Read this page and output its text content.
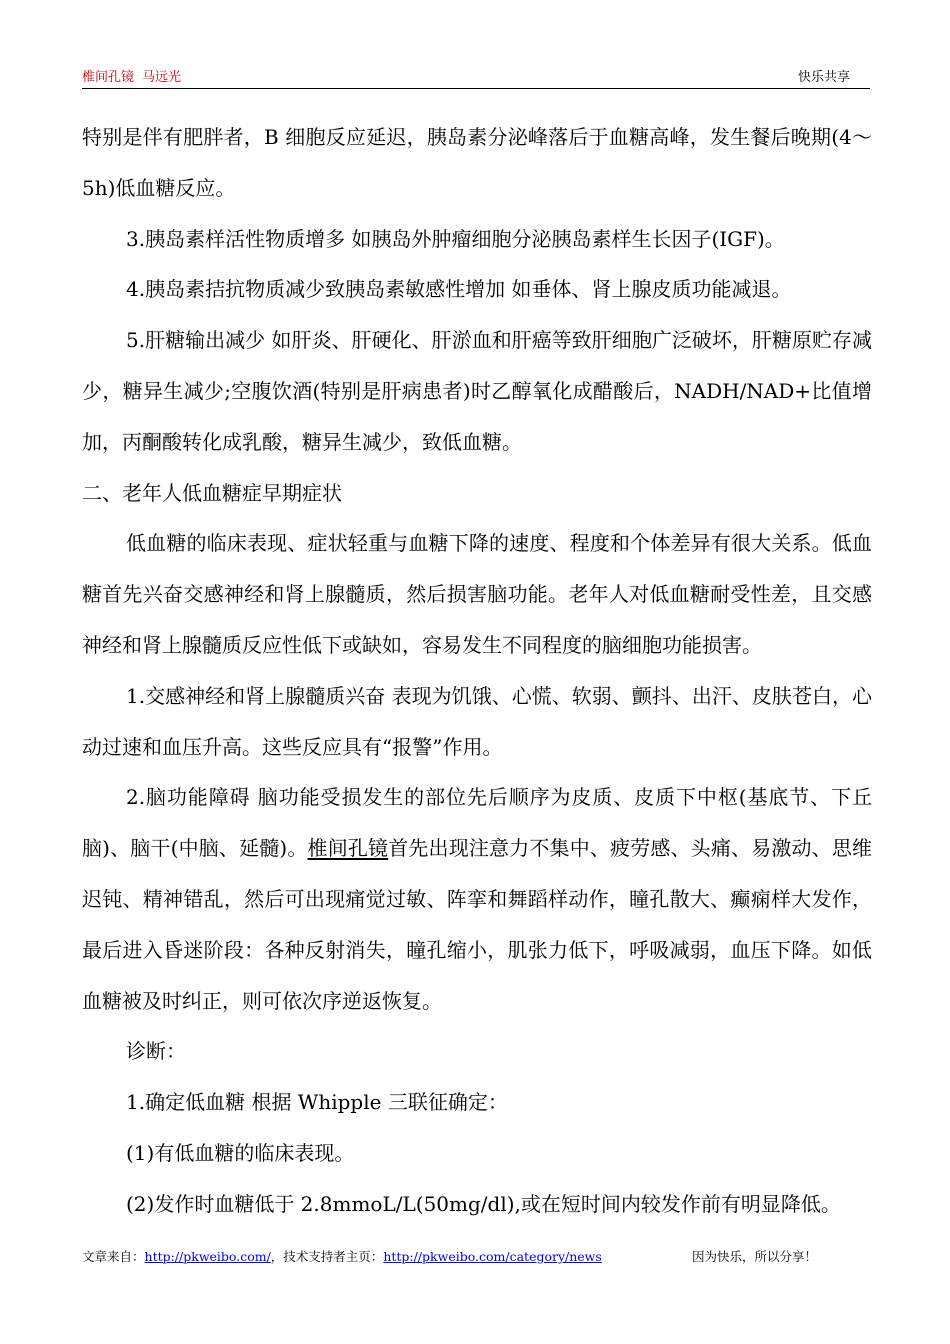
椎间孔镜 马远光	快乐共享

特别是伴有肥胖者，B 细胞反应延迟，胰岛素分泌峰落后于血糖高峰，发生餐后晚期(4～5h)低血糖反应。

3.胰岛素样活性物质增多 如胰岛外肿瘤细胞分泌胰岛素样生长因子(IGF)。

4.胰岛素拮抗物质减少致胰岛素敏感性增加 如垂体、肾上腺皮质功能减退。

5.肝糖输出减少 如肝炎、肝硬化、肝淤血和肝癌等致肝细胞广泛破坏，肝糖原贮存减少，糖异生减少;空腹饮酒(特别是肝病患者)时乙醇氧化成醋酸后，NADH/NAD+比值增加，丙酮酸转化成乳酸，糖异生减少，致低血糖。

二、老年人低血糖症早期症状

低血糖的临床表现、症状轻重与血糖下降的速度、程度和个体差异有很大关系。低血糖首先兴奋交感神经和肾上腺髓质，然后损害脑功能。老年人对低血糖耐受性差，且交感神经和肾上腺髓质反应性低下或缺如，容易发生不同程度的脑细胞功能损害。

1.交感神经和肾上腺髓质兴奋 表现为饥饿、心慌、软弱、颤抖、出汗、皮肤苍白，心动过速和血压升高。这些反应具有“报警”作用。

2.脑功能障碍 脑功能受损发生的部位先后顺序为皮质、皮质下中枢(基底节、下丘脑)、脑干(中脑、延髓)。椎间孔镜首先出现注意力不集中、疲劳感、头痛、易激动、思维迟钝、精神错乱，然后可出现痛觉过敏、阵挛和舞蹈样动作，瞳孔散大、癫痫样大发作，最后进入昏迷阶段：各种反射消失，瞳孔缩小，肌张力低下，呼吸减弱，血压下降。如低血糖被及时纠正，则可依次序逆返恢复。

诊断：

1.确定低血糖 根据 Whipple 三联征确定：

(1)有低血糖的临床表现。

(2)发作时血糖低于 2.8mmoL/L(50mg/dl),或在短时间内较发作前有明显降低。

文章来自：http://pkweibo.com/，技术支持者主页：http://pkweibo.com/category/news	因为快乐，所以分享！
